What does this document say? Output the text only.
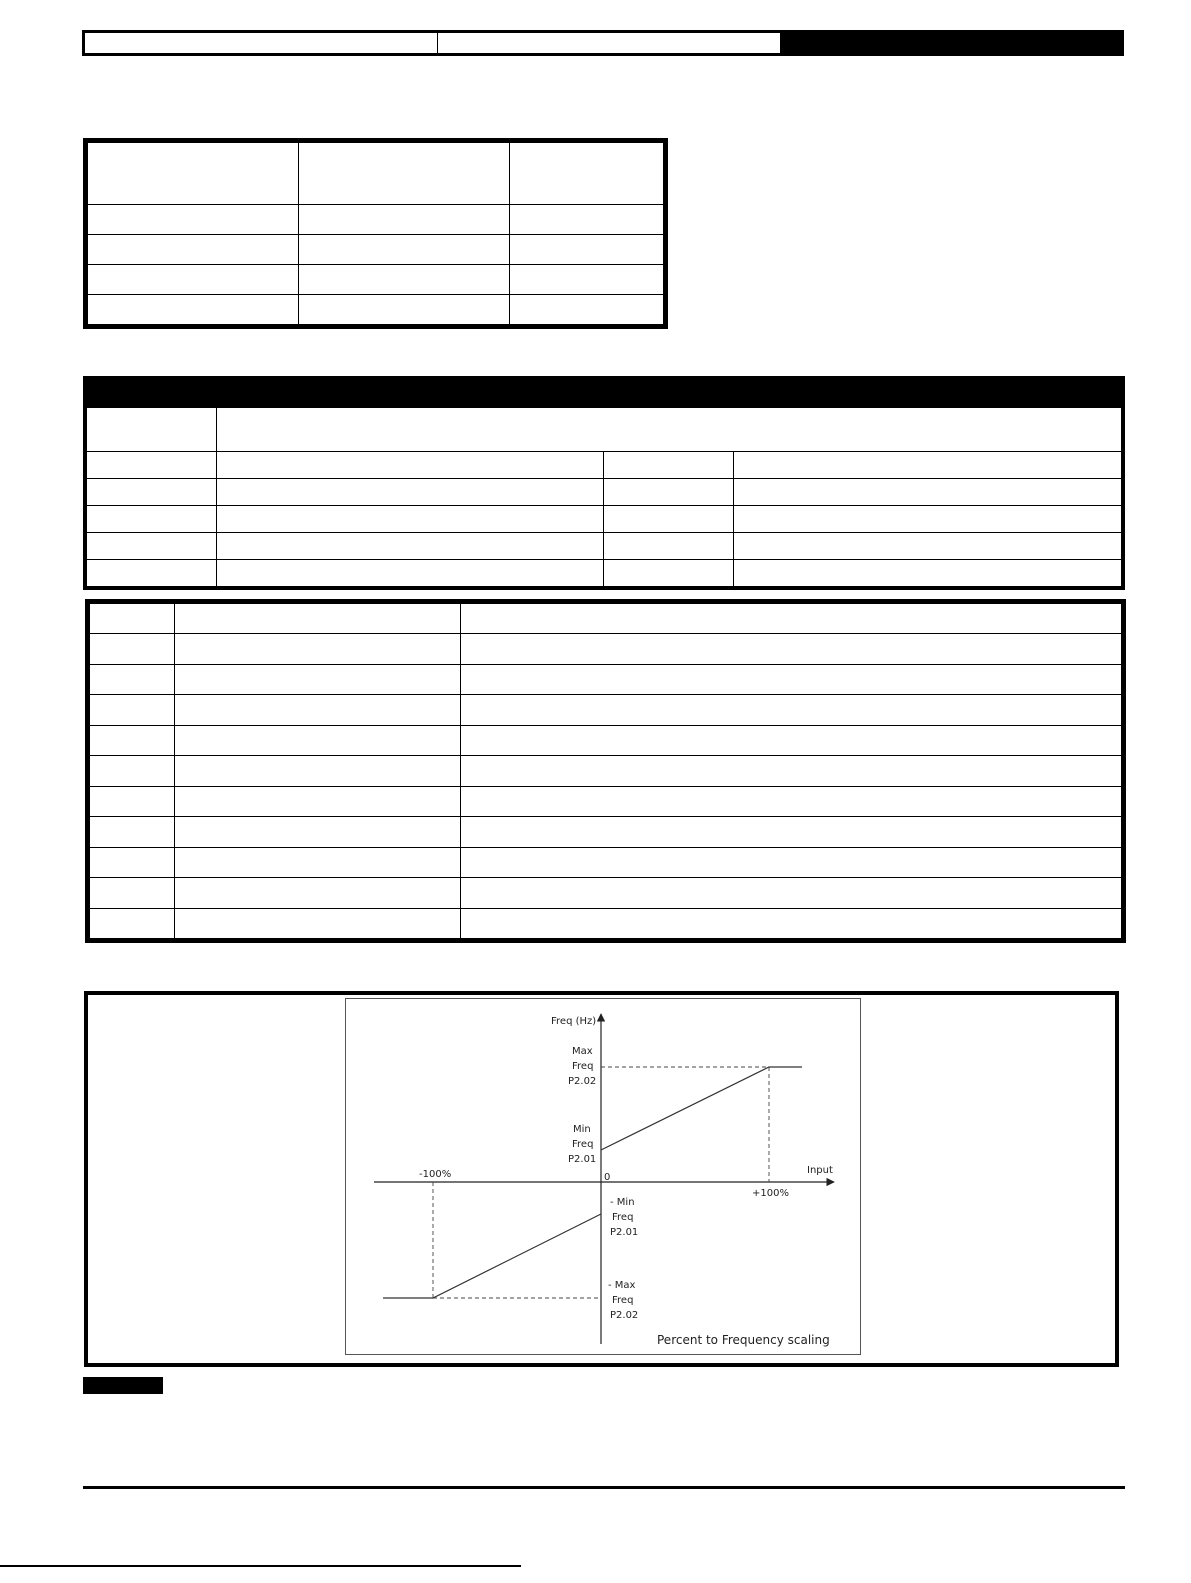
Freq (Hz)
Input
0
-100%
+100%
Max
Freq
P2.02
Min
Freq
P2.01
- Min
Freq
P2.01
- Max
Freq
P2.02
Percent to Frequency scaling
